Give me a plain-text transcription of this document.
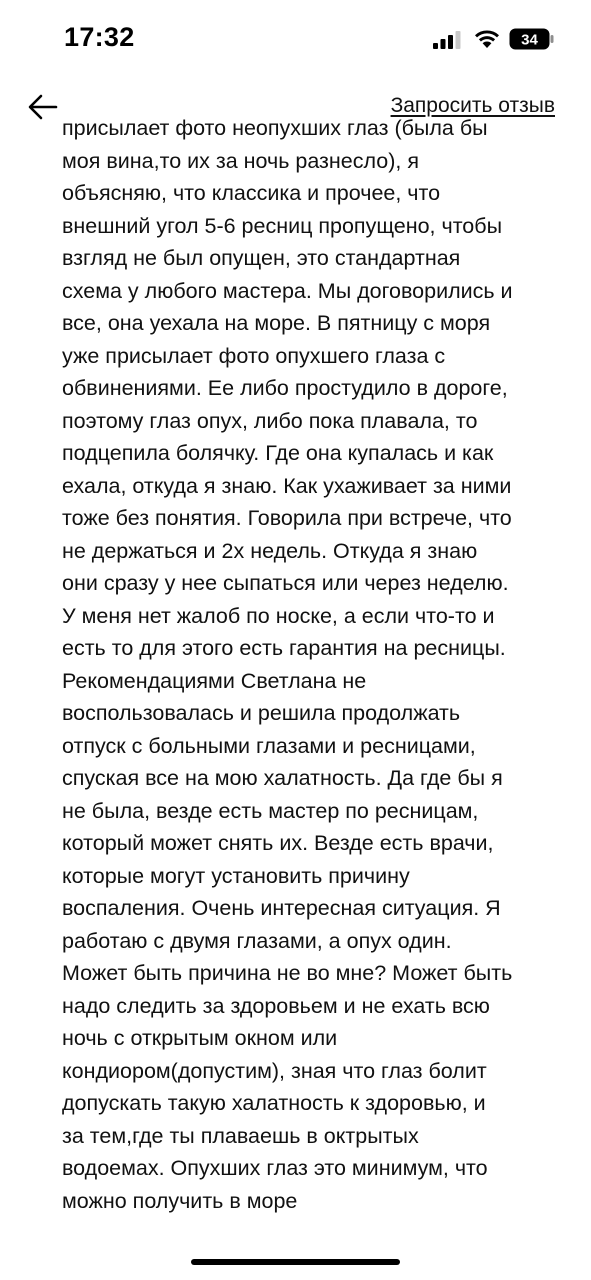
17:32	34
Запросить отзыв
присылает фото неопухших глаз (была бы
моя вина,то их за ночь разнесло), я
объясняю, что классика и прочее, что
внешний угол 5-6 ресниц пропущено, чтобы
взгляд не был опущен, это стандартная
схема у любого мастера. Мы договорились и
все, она уехала на море. В пятницу с моря
уже присылает фото опухшего глаза с
обвинениями. Ее либо простудило в дороге,
поэтому глаз опух, либо пока плавала, то
подцепила болячку. Где она купалась и как
ехала, откуда я знаю. Как ухаживает за ними
тоже без понятия. Говорила при встрече, что
не держаться и 2х недель. Откуда я знаю
они сразу у нее сыпаться или через неделю.
У меня нет жалоб по носке, а если что-то и
есть то для этого есть гарантия на ресницы.
Рекомендациями Светлана не
воспользовалась и решила продолжать
отпуск с больными глазами и ресницами,
спуская все на мою халатность. Да где бы я
не была, везде есть мастер по ресницам,
который может снять их. Везде есть врачи,
которые могут установить причину
воспаления. Очень интересная ситуация. Я
работаю с двумя глазами, а опух один.
Может быть причина не во мне? Может быть
надо следить за здоровьем и не ехать всю
ночь с открытым окном или
кондиором(допустим), зная что глаз болит
допускать такую халатность к здоровью, и
за тем,где ты плаваешь в октрытых
водоемах. Опухших глаз это минимум, что
можно получить в море
